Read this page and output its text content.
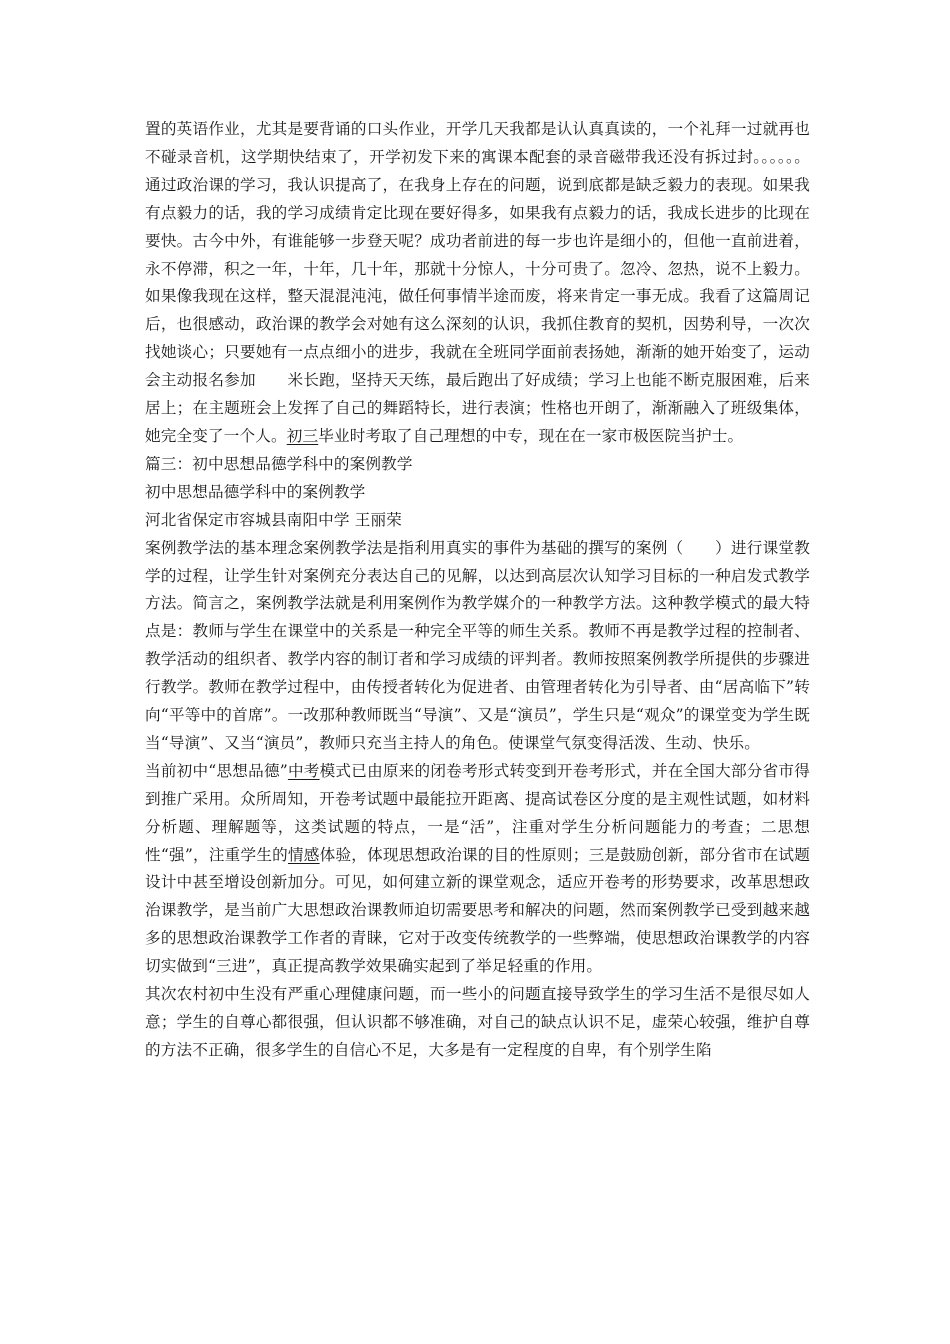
置的英语作业，尤其是要背诵的口头作业，开学几天我都是认认真真读的，一个礼拜一过就再也不碰录音机，这学期快结束了，开学初发下来的寓课本配套的录音磁带我还没有拆过封。。。。。。通过政治课的学习，我认识提高了，在我身上存在的问题，说到底都是缺乏毅力的表现。如果我有点毅力的话，我的学习成绩肯定比现在要好得多，如果我有点毅力的话，我成长进步的比现在要快。古今中外，有谁能够一步登天呢？成功者前进的每一步也许是细小的，但他一直前进着，永不停滞，积之一年，十年，几十年，那就十分惊人，十分可贵了。忽冷、忽热，说不上毅力。如果像我现在这样，整天混混沌沌，做任何事情半途而废，将来肯定一事无成。我看了这篇周记后，也很感动，政治课的教学会对她有这么深刻的认识，我抓住教育的契机，因势利导，一次次找她谈心；只要她有一点点细小的进步，我就在全班同学面前表扬她，渐渐的她开始变了，运动会主动报名参加　　米长跑，坚持天天练，最后跑出了好成绩；学习上也能不断克服困难，后来居上；在主题班会上发挥了自己的舞蹈特长，进行表演；性格也开朗了，渐渐融入了班级集体，她完全变了一个人。初三毕业时考取了自己理想的中专，现在在一家市极医院当护士。

篇三：初中思想品德学科中的案例教学

初中思想品德学科中的案例教学

河北省保定市容城县南阳中学 王丽荣

案例教学法的基本理念案例教学法是指利用真实的事件为基础的撰写的案例（　　）进行课堂教学的过程，让学生针对案例充分表达自己的见解，以达到高层次认知学习目标的一种启发式教学方法。简言之，案例教学法就是利用案例作为教学媒介的一种教学方法。这种教学模式的最大特点是：教师与学生在课堂中的关系是一种完全平等的师生关系。教师不再是教学过程的控制者、教学活动的组织者、教学内容的制订者和学习成绩的评判者。教师按照案例教学所提供的步骤进行教学。教师在教学过程中，由传授者转化为促进者、由管理者转化为引导者、由“居高临下”转向“平等中的首席”。一改那种教师既当“导演”、又是“演员”，学生只是“观众”的课堂变为学生既当“导演”、又当“演员”，教师只充当主持人的角色。使课堂气氛变得活泼、生动、快乐。

当前初中“思想品德”中考模式已由原来的闭卷考形式转变到开卷考形式，并在全国大部分省市得到推广采用。众所周知，开卷考试题中最能拉开距离、提高试卷区分度的是主观性试题，如材料分析题、理解题等，这类试题的特点，一是“活”，注重对学生分析问题能力的考查；二思想性“强”，注重学生的情感体验，体现思想政治课的目的性原则；三是鼓励创新，部分省市在试题设计中甚至增设创新加分。可见，如何建立新的课堂观念，适应开卷考的形势要求，改革思想政治课教学，是当前广大思想政治课教师迫切需要思考和解决的问题，然而案例教学已受到越来越多的思想政治课教学工作者的青睐，它对于改变传统教学的一些弊端，使思想政治课教学的内容切实做到“三进”，真正提高教学效果确实起到了举足轻重的作用。

其次农村初中生没有严重心理健康问题，而一些小的问题直接导致学生的学习生活不是很尽如人意；学生的自尊心都很强，但认识都不够准确，对自己的缺点认识不足，虚荣心较强，维护自尊的方法不正确，很多学生的自信心不足，大多是有一定程度的自卑，有个别学生陷
